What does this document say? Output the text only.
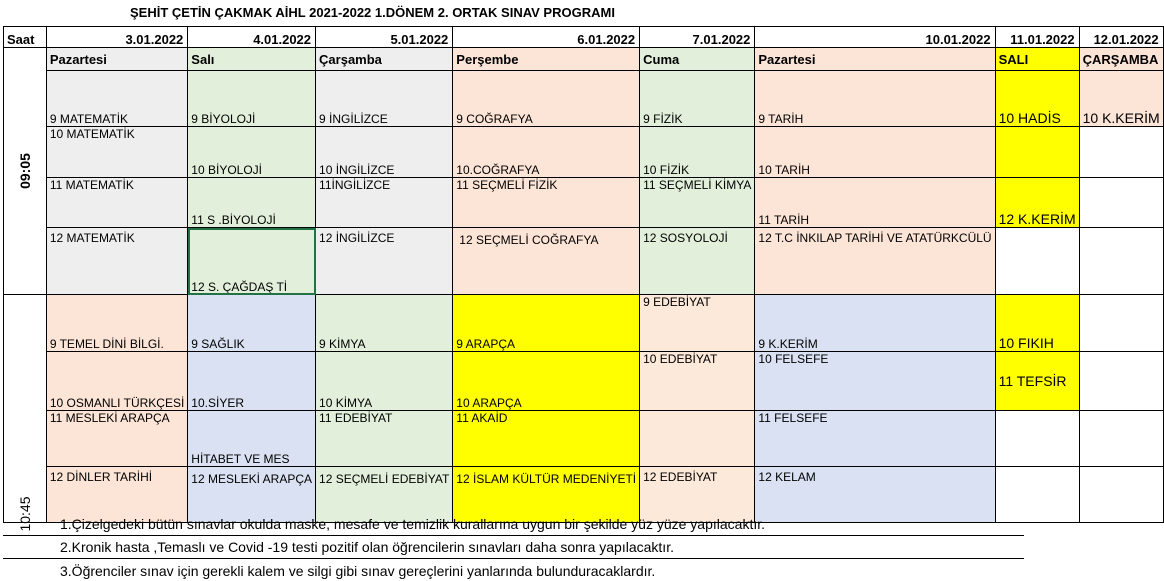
ŞEHİT ÇETİN ÇAKMAK AİHL 2021-2022 1.DÖNEM 2. ORTAK SINAV PROGRAMI
Saat	3.01.2022	4.01.2022	5.01.2022	6.01.2022	7.01.2022	10.01.2022	11.01.2022	12.01.2022

09:05	Pazartesi	Salı	Çarşamba	Perşembe	Cuma	Pazartesi	SALI	ÇARŞAMBA
	9 MATEMATİK	9 BİYOLOJİ	9 İNGİLİZCE	9 COĞRAFYA	9 FİZİK	9 TARİH	10 HADİS	10 K.KERİM
	10 MATEMATİK	10 BİYOLOJİ	10 İNGİLİZCE	10.COĞRAFYA	10 FİZİK	10 TARİH		
	11 MATEMATİK	11 S .BİYOLOJİ	11İNGİLİZCE	11 SEÇMELİ FİZİK	11 SEÇMELİ KİMYA	11 TARİH	12 K.KERİM	
	12 MATEMATİK	12 S. ÇAĞDAŞ Tİ	12 İNGİLİZCE	12 SEÇMELİ COĞRAFYA	12 SOSYOLOJİ	12 T.C İNKILAP TARİHİ VE ATATÜRKCÜLÜ		

10:45	9 TEMEL DİNİ BİLGİ.	9 SAĞLIK	9 KİMYA	9 ARAPÇA	9 EDEBİYAT	9 K.KERİM	10 FIKIH	
	10 OSMANLI TÜRKÇESİ	10.SİYER	10 KİMYA	10 ARAPÇA	10 EDEBİYAT	10 FELSEFE	11 TEFSİR	
	11 MESLEKİ ARAPÇA	HİTABET VE MES	11 EDEBİYAT	11 AKAİD		11 FELSEFE		
	12 DİNLER TARİHİ	12 MESLEKİ ARAPÇA	12 SEÇMELİ EDEBİYAT	12 İSLAM KÜLTÜR MEDENİYETİ	12 EDEBİYAT	12 KELAM		
1.Çizelgedeki bütün sınavlar okulda maske, mesafe ve temizlik kurallarına uygun bir şekilde yüz yüze yapılacaktır.
2.Kronik hasta ,Temaslı ve Covid -19 testi pozitif olan öğrencilerin sınavları daha sonra yapılacaktır.
3.Öğrenciler sınav için gerekli kalem ve silgi gibi sınav gereçlerini yanlarında bulunduracaklardır.
